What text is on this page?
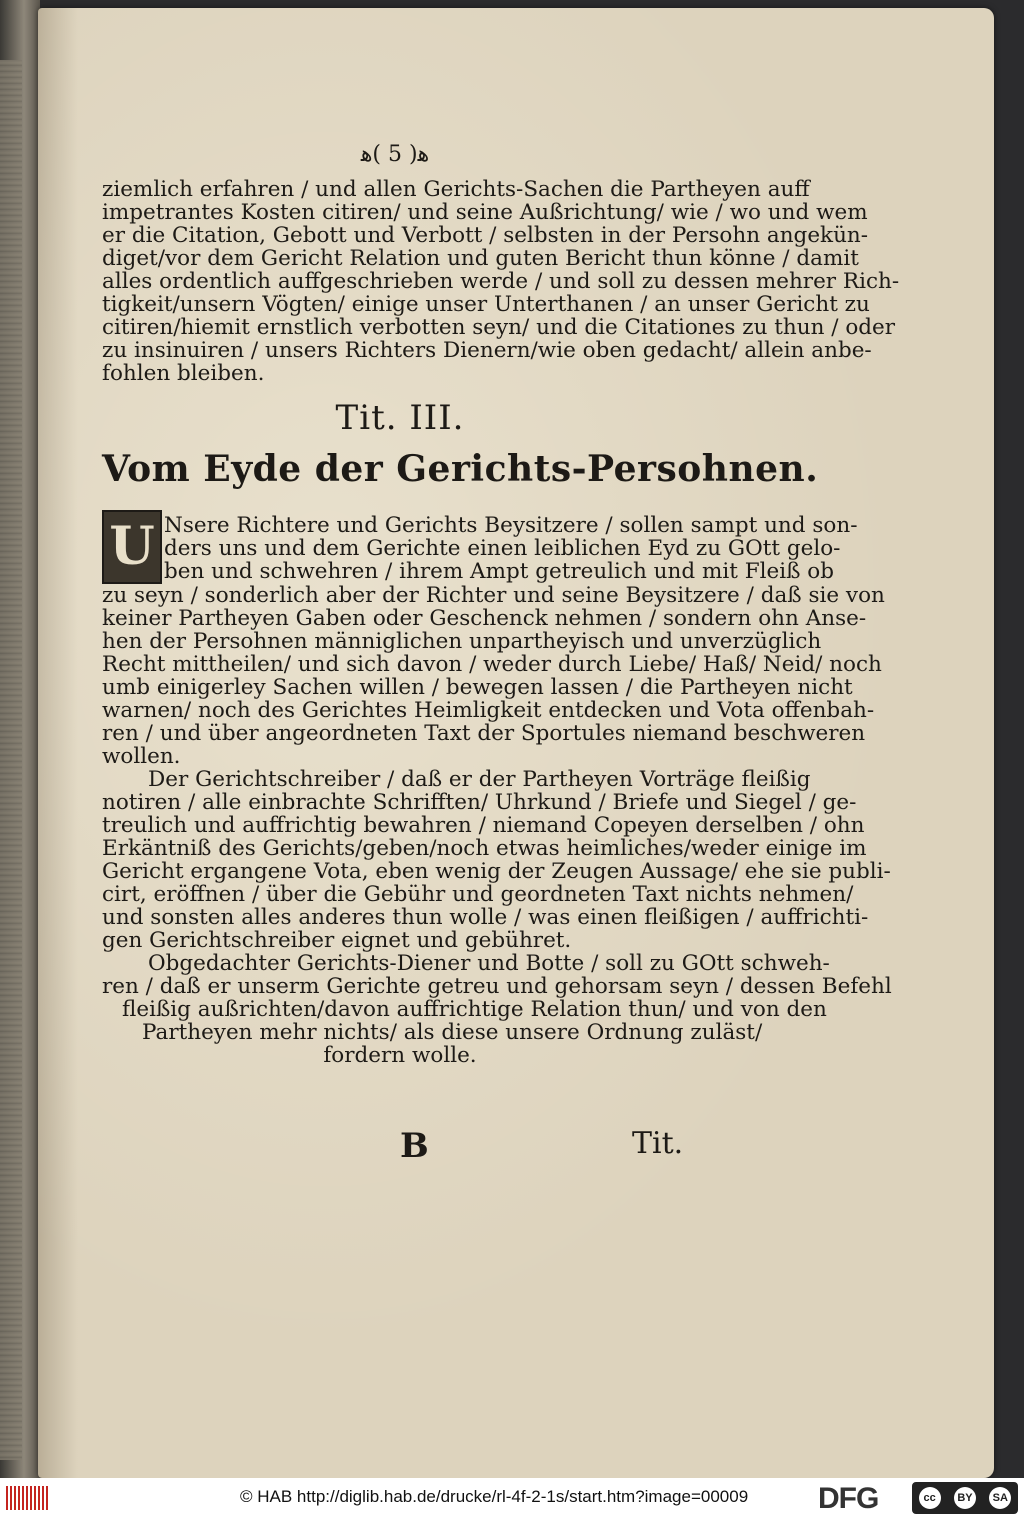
ﻫ( 5 )ﻫ
ziemlich erfahren / und allen Gerichts-Sachen die Partheyen auff
impetrantes Kosten citiren/ und seine Außrichtung/ wie / wo und wem
er die Citation, Gebott und Verbott / selbsten in der Persohn angekün-
diget/vor dem Gericht Relation und guten Bericht thun könne / damit
alles ordentlich auffgeschrieben werde / und soll zu dessen mehrer Rich-
tigkeit/unsern Vögten/ einige unser Unterthanen / an unser Gericht zu
citiren/hiemit ernstlich verbotten seyn/ und die Citationes zu thun / oder
zu insinuiren / unsers Richters Dienern/wie oben gedacht/ allein anbe-
fohlen bleiben.
Tit. III.
Vom Eyde der Gerichts-Persohnen.
U Nsere Richtere und Gerichts Beysitzere / sollen sampt und son-
ders uns und dem Gerichte einen leiblichen Eyd zu GOtt gelo-
ben und schwehren / ihrem Ampt getreulich und mit Fleiß ob
zu seyn / sonderlich aber der Richter und seine Beysitzere / daß sie von
keiner Partheyen Gaben oder Geschenck nehmen / sondern ohn Anse-
hen der Persohnen männiglichen unpartheyisch und unverzüglich
Recht mittheilen/ und sich davon / weder durch Liebe/ Haß/ Neid/ noch
umb einigerley Sachen willen / bewegen lassen / die Partheyen nicht
warnen/ noch des Gerichtes Heimligkeit entdecken und Vota offenbah-
ren / und über angeordneten Taxt der Sportules niemand beschweren
wollen.
Der Gerichtschreiber / daß er der Partheyen Vorträge fleißig
notiren / alle einbrachte Schrifften/ Uhrkund / Briefe und Siegel / ge-
treulich und auffrichtig bewahren / niemand Copeyen derselben / ohn
Erkäntniß des Gerichts/geben/noch etwas heimliches/weder einige im
Gericht ergangene Vota, eben wenig der Zeugen Aussage/ ehe sie publi-
cirt, eröffnen / über die Gebühr und geordneten Taxt nichts nehmen/
und sonsten alles anderes thun wolle / was einen fleißigen / auffrichti-
gen Gerichtschreiber eignet und gebühret.
Obgedachter Gerichts-Diener und Botte / soll zu GOtt schweh-
ren / daß er unserm Gerichte getreu und gehorsam seyn / dessen Befehl
fleißig außrichten/davon auffrichtige Relation thun/ und von den
Partheyen mehr nichts/ als diese unsere Ordnung zuläst/
fordern wolle.
B	Tit.
© HAB http://diglib.hab.de/drucke/rl-4f-2-1s/start.htm?image=00009 DFG	cc	BY	SA
